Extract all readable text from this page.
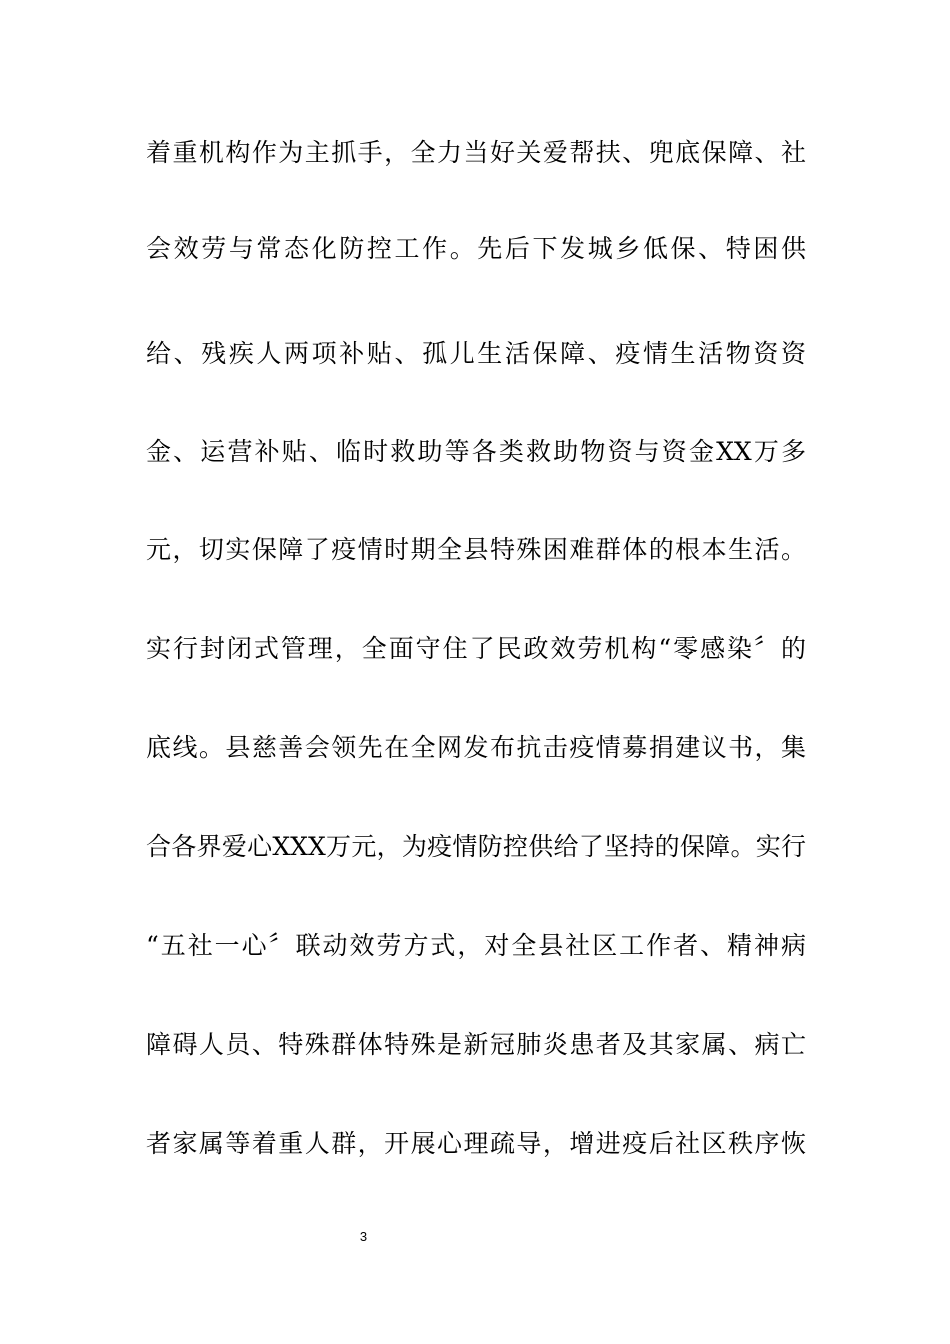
着重机构作为主抓手，全力当好关爱帮扶、兜底保障、社
会效劳与常态化防控工作。先后下发城乡低保、特困供
给、残疾人两项补贴、孤儿生活保障、疫情生活物资资
金、运营补贴、临时救助等各类救助物资与资金XX万多
元，切实保障了疫情时期全县特殊困难群体的根本生活。
实行封闭式管理，全面守住了民政效劳机构“零感染〞的
底线。县慈善会领先在全网发布抗击疫情募捐建议书，集
合各界爱心XXX万元，为疫情防控供给了坚持的保障。实行
“五社一心〞联动效劳方式，对全县社区工作者、精神病
障碍人员、特殊群体特殊是新冠肺炎患者及其家属、病亡
者家属等着重人群，开展心理疏导，增进疫后社区秩序恢
3
